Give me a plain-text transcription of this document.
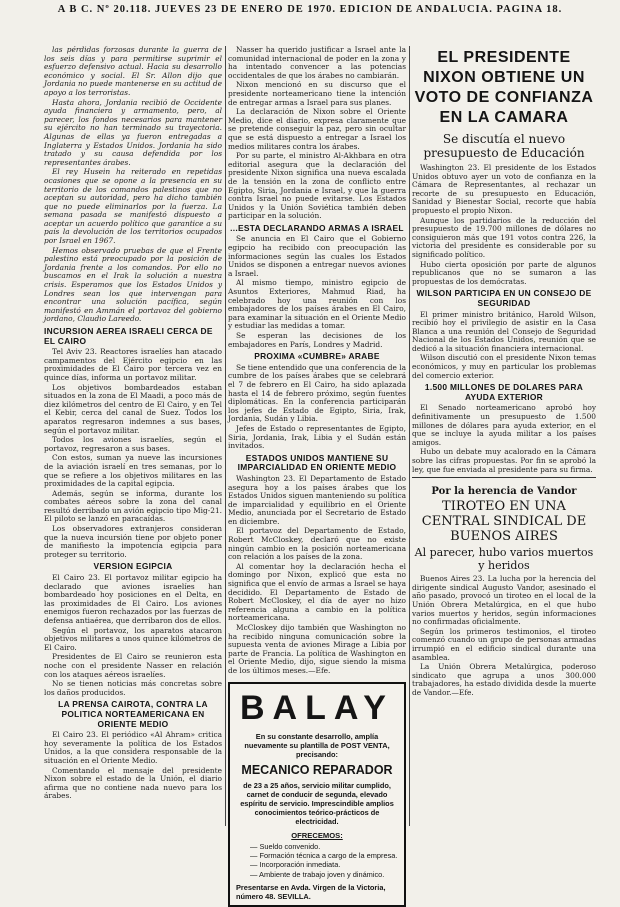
A B C. Nº 20.118. JUEVES 23 DE ENERO DE 1970. EDICION DE ANDALUCIA. PAGINA 18.

las pérdidas forzosas durante la guerra de los seis días y para permitirse suprimir el esfuerzo defensivo actual. Hacia su desarrollo económico y social. El Sr. Allon dijo que Jordania no puede mantenerse en su actitud de apoyo a los terroristas.

Hasta ahora, Jordania recibió de Occidente ayuda financiera y armamento, pero, al parecer, los fondos necesarios para mantener su ejército no han terminado su trayectoria. Algunas de ellas ya fueron entregadas a Inglaterra y Estados Unidos. Jordania ha sido tratado y su causa defendida por los representantes árabes.

El rey Husein ha reiterado en repetidas ocasiones que se opone a la presencia en su territorio de los comandos palestinos que no aceptan su autoridad, pero ha dicho también que no puede eliminarlos por la fuerza. La semana pasada se manifestó dispuesto a aceptar un acuerdo político que garantice a su país la devolución de los territorios ocupados por Israel en 1967.

Hemos observado pruebas de que el Frente palestino está preocupado por la posición de Jordania frente a los comandos. Por ello no buscamos en el Irak la solución a nuestra crisis. Esperamos que los Estados Unidos y Londres sean los que intervengan para encontrar una solución pacífica, según manifestó en Ammán el portavoz del gobierno jordano, Claudio Lareedo.

INCURSION AEREA ISRAELI CERCA DE EL CAIRO

Tel Aviv 23. Reactores israelíes han atacado campamentos del Ejército egipcio en las proximidades de El Cairo por tercera vez en quince días, informa un portavoz militar.

Los objetivos bombardeados estaban situados en la zona de El Maadi, a poco más de diez kilómetros del centro de El Cairo, y en Tel el Kebir, cerca del canal de Suez. Todos los aparatos regresaron indemnes a sus bases, según el portavoz militar.

Todos los aviones israelíes, según el portavoz, regresaron a sus bases.

Con estos, suman ya nueve las incursiones de la aviación israelí en tres semanas, por lo que se refiere a los objetivos militares en las proximidades de la capital egipcia.

Además, según se informa, durante los combates aéreos sobre la zona del canal resultó derribado un avión egipcio tipo Mig-21. El piloto se lanzó en paracaídas.

Los observadores extranjeros consideran que la nueva incursión tiene por objeto poner de manifiesto la impotencia egipcia para proteger su territorio.

VERSION EGIPCIA

El Cairo 23. El portavoz militar egipcio ha declarado que aviones israelíes han bombardeado hoy posiciones en el Delta, en las proximidades de El Cairo. Los aviones enemigos fueron rechazados por las fuerzas de defensa antiaérea, que derribaron dos de ellos.

Según el portavoz, los aparatos atacaron objetivos militares a unos quince kilómetros de El Cairo.

Presidentes de El Cairo se reunieron esta noche con el presidente Nasser en relación con los ataques aéreos israelíes.

No se tienen noticias más concretas sobre los daños producidos.

LA PRENSA CAIROTA, CONTRA LA POLITICA NORTEAMERICANA EN ORIENTE MEDIO

El Cairo 23. El periódico «Al Ahram» critica hoy severamente la política de los Estados Unidos, a la que considera responsable de la situación en el Oriente Medio.

Comentando el mensaje del presidente Nixon sobre el estado de la Unión, el diario afirma que no contiene nada nuevo para los árabes.

Nasser ha querido justificar a Israel ante la comunidad internacional de poder en la zona y ha intentado convencer a las potencias occidentales de que los árabes no cambiarán.

Nixon mencionó en su discurso que el presidente norteamericano tiene la intención de entregar armas a Israel para sus planes.

La declaración de Nixon sobre el Oriente Medio, dice el diario, expresa claramente que se pretende conseguir la paz, pero sin ocultar que se está dispuesto a entregar a Israel los medios militares contra los árabes.

Por su parte, el ministro Al-Akhbara en otra editorial asegura que la declaración del presidente Nixon significa una nueva escalada de la tensión en la zona de conflicto entre Egipto, Siria, Jordania e Israel, y que la guerra contra Israel no puede evitarse. Los Estados Unidos y la Unión Soviética también deben participar en la solución.

...ESTA DECLARANDO ARMAS A ISRAEL

Se anuncia en El Cairo que el Gobierno egipcio ha recibido con preocupación las informaciones según las cuales los Estados Unidos se disponen a entregar nuevos aviones a Israel.

Al mismo tiempo, ministro egipcio de Asuntos Exteriores, Mahmud Riad, ha celebrado hoy una reunión con los embajadores de los países árabes en El Cairo, para examinar la situación en el Oriente Medio y estudiar las medidas a tomar.

Se esperan las decisiones de los embajadores en París, Londres y Madrid.

PROXIMA «CUMBRE» ARABE

Se tiene entendido que una conferencia de la cumbre de los países árabes que se celebrará el 7 de febrero en El Cairo, ha sido aplazada hasta el 14 de febrero próximo, según fuentes diplomáticas. En la conferencia participarán los jefes de Estado de Egipto, Siria, Irak, Jordania, Sudán y Libia.

Jefes de Estado o representantes de Egipto, Siria, Jordania, Irak, Libia y el Sudán están invitados.

ESTADOS UNIDOS MANTIENE SU IMPARCIALIDAD EN ORIENTE MEDIO

Washington 23. El Departamento de Estado asegura hoy a los países árabes que los Estados Unidos siguen manteniendo su política de imparcialidad y equilibrio en el Oriente Medio, anunciada por el Secretario de Estado en diciembre.

El portavoz del Departamento de Estado, Robert McCloskey, declaró que no existe ningún cambio en la posición norteamericana con relación a los países de la zona.

Al comentar hoy la declaración hecha el domingo por Nixon, explicó que esta no significa que el envío de armas a Israel se haya decidido. El Departamento de Estado de Robert McCloskey, el día de ayer no hizo referencia alguna a cambio en la política norteamericana.

McCloskey dijo también que Washington no ha recibido ninguna comunicación sobre la supuesta venta de aviones Mirage a Libia por parte de Francia. La política de Washington en el Oriente Medio, dijo, sigue siendo la misma de los últimos meses.—Efe.

BALAY
En su constante desarrollo, amplía nuevamente su plantilla de POST VENTA, precisando:
MECANICO REPARADOR
de 23 a 25 años, servicio militar cumplido, carnet de conducir de segunda, elevado espíritu de servicio. Imprescindible amplios conocimientos teórico-prácticos de electricidad.
OFRECEMOS:
— Sueldo convenido.
— Formación técnica a cargo de la empresa.
— Incorporación inmediata.
— Ambiente de trabajo joven y dinámico.
Presentarse en Avda. Virgen de la Victoria, número 48. SEVILLA.
EL PRESIDENTE NIXON OBTIENE UN VOTO DE CONFIANZA EN LA CAMARA
Se discutía el nuevo presupuesto de Educación

Washington 23. El presidente de los Estados Unidos obtuvo ayer un voto de confianza en la Cámara de Representantes, al rechazar un recorte de su presupuesto en Educación, Sanidad y Bienestar Social, recorte que había propuesto el propio Nixon.

Aunque los partidarios de la reducción del presupuesto de 19.700 millones de dólares no consiguieron más que 191 votos contra 226, la victoria del presidente es considerable por su significado político.

Hubo cierta oposición por parte de algunos republicanos que no se sumaron a las propuestas de los demócratas.

WILSON PARTICIPA EN UN CONSEJO DE SEGURIDAD

El primer ministro británico, Harold Wilson, recibió hoy el privilegio de asistir en la Casa Blanca a una reunión del Consejo de Seguridad Nacional de los Estados Unidos, reunión que se dedicó a la situación financiera internacional.

Wilson discutió con el presidente Nixon temas económicos, y muy en particular los problemas del comercio exterior.

1.500 MILLONES DE DOLARES PARA AYUDA EXTERIOR

El Senado norteamericano aprobó hoy definitivamente un presupuesto de 1.500 millones de dólares para ayuda exterior, en el que se incluye la ayuda militar a los países amigos.

Hubo un debate muy acalorado en la Cámara sobre las cifras propuestas. Por fin se aprobó la ley, que fue enviada al presidente para su firma.

Por la herencia de Vandor
TIROTEO EN UNA CENTRAL SINDICAL DE BUENOS AIRES
Al parecer, hubo varios muertos y heridos

Buenos Aires 23. La lucha por la herencia del dirigente sindical Augusto Vandor, asesinado el año pasado, provocó un tiroteo en el local de la Unión Obrera Metalúrgica, en el que hubo varios muertos y heridos, según informaciones no confirmadas oficialmente.

Según los primeros testimonios, el tiroteo comenzó cuando un grupo de personas armadas irrumpió en el edificio sindical durante una asamblea.

La Unión Obrera Metalúrgica, poderoso sindicato que agrupa a unos 300.000 trabajadores, ha estado dividida desde la muerte de Vandor.—Efe.
